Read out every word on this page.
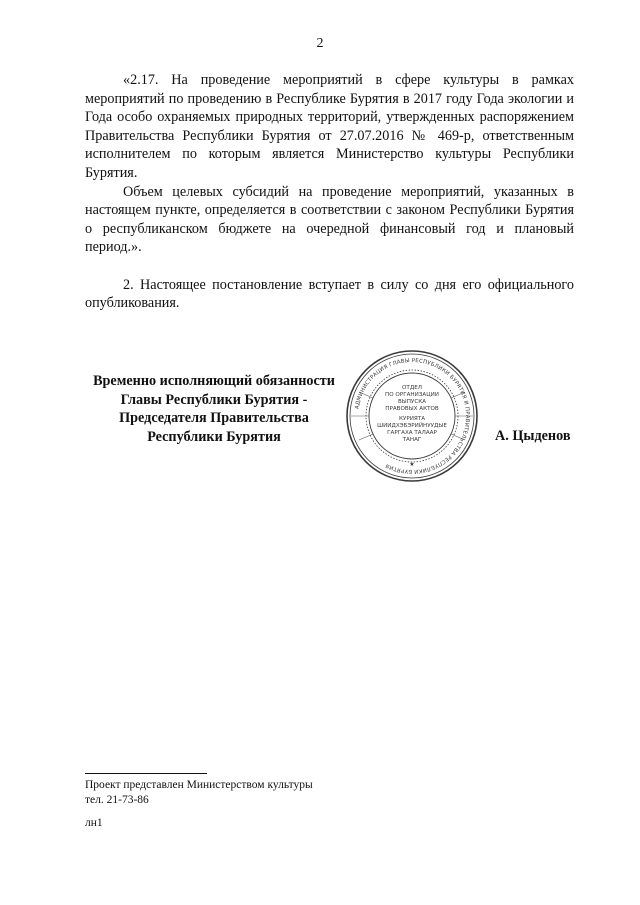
2

«2.17. На проведение мероприятий в сфере культуры в рамках мероприятий по проведению в Республике Бурятия в 2017 году Года экологии и Года особо охраняемых природных территорий, утвержденных распоряжением Правительства Республики Бурятия от 27.07.2016 № 469-р, ответственным исполнителем по которым является Министерство культуры Республики Бурятия.

Объем целевых субсидий на проведение мероприятий, указанных в настоящем пункте, определяется в соответствии с законом Республики Бурятия о республиканском бюджете на очередной финансовый год и плановый период.».

2. Настоящее постановление вступает в силу со дня его официального опубликования.

Временно исполняющий обязанности
Главы Республики Бурятия -
Председателя Правительства
Республики Бурятия
АДМИНИСТРАЦИЯ ГЛАВЫ РЕСПУБЛИКИ БУРЯТИЯ И ПРАВИТЕЛЬСТВА РЕСПУБЛИКИ БУРЯТИЯ
ОТДЕЛ
ПО ОРГАНИЗАЦИИ
ВЫПУСКА
ПРАВОВЫХ АКТОВ
КУРИЯТА
ШИИДХЭБЭРИЙНУУДЫЕ
ГАРГАХА ТАЛААР
ТАНАГ
★
А. Цыденов
Проект представлен Министерством культуры
тел. 21-73-86
лн1
